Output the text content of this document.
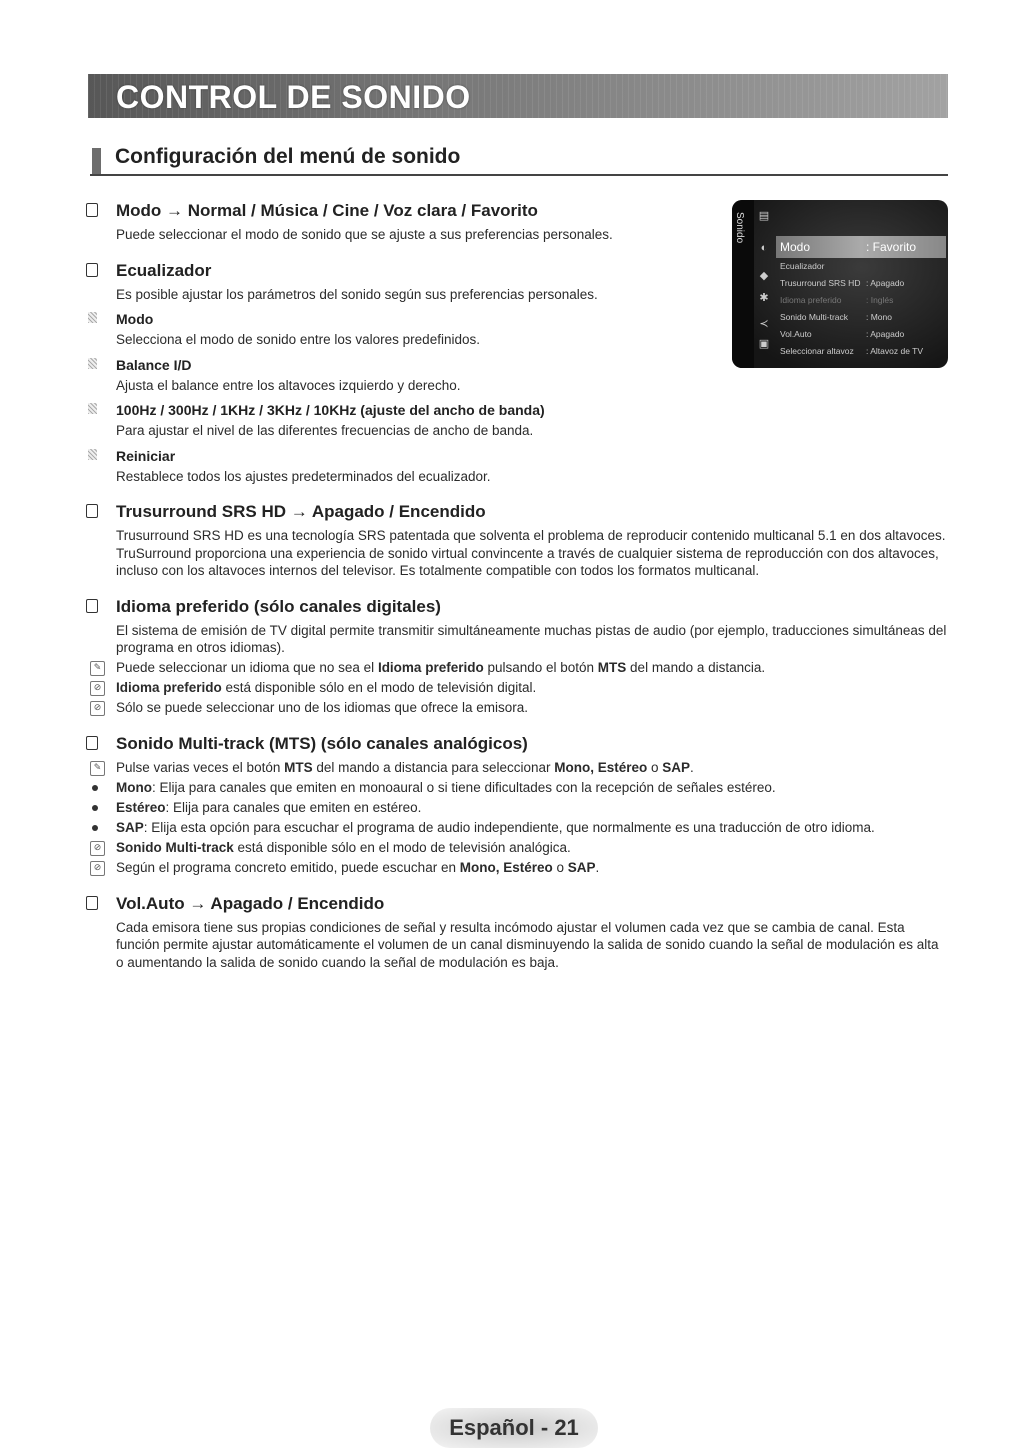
CONTROL DE SONIDO
Configuración del menú de sonido
Sonido ▤
◐
◆
✱
≺
▣
Modo	: Favorito
Ecualizador
Trusurround SRS HD : Apagado
Idioma preferido	: Inglés
Sonido Multi-track : Mono
Vol.Auto	: Apagado
Seleccionar altavoz : Altavoz de TV
Modo → Normal / Música / Cine / Voz clara / Favorito
Puede seleccionar el modo de sonido que se ajuste a sus preferencias personales.
Ecualizador
Es posible ajustar los parámetros del sonido según sus preferencias personales.
Modo
Selecciona el modo de sonido entre los valores predefinidos.
Balance I/D
Ajusta el balance entre los altavoces izquierdo y derecho.
100Hz / 300Hz / 1KHz / 3KHz / 10KHz (ajuste del ancho de banda)
Para ajustar el nivel de las diferentes frecuencias de ancho de banda.
Reiniciar
Restablece todos los ajustes predeterminados del ecualizador.
Trusurround SRS HD → Apagado / Encendido
Trusurround SRS HD es una tecnología SRS patentada que solventa el problema de reproducir contenido multicanal 5.1 en dos altavoces. TruSurround proporciona una experiencia de sonido virtual convincente a través de cualquier sistema de reproducción con dos altavoces, incluso con los altavoces internos del televisor. Es totalmente compatible con todos los formatos multicanal.
Idioma preferido (sólo canales digitales)
El sistema de emisión de TV digital permite transmitir simultáneamente muchas pistas de audio (por ejemplo, traducciones simultáneas del programa en otros idiomas).
✎ Puede seleccionar un idioma que no sea el Idioma preferido pulsando el botón MTS del mando a distancia.
⊘ Idioma preferido está disponible sólo en el modo de televisión digital.
⊘ Sólo se puede seleccionar uno de los idiomas que ofrece la emisora.
Sonido Multi-track (MTS) (sólo canales analógicos)
✎ Pulse varias veces el botón MTS del mando a distancia para seleccionar Mono, Estéreo o SAP.
Mono: Elija para canales que emiten en monoaural o si tiene dificultades con la recepción de señales estéreo.
Estéreo: Elija para canales que emiten en estéreo.
SAP: Elija esta opción para escuchar el programa de audio independiente, que normalmente es una traducción de otro idioma.
⊘ Sonido Multi-track está disponible sólo en el modo de televisión analógica.
⊘ Según el programa concreto emitido, puede escuchar en Mono, Estéreo o SAP.
Vol.Auto → Apagado / Encendido
Cada emisora tiene sus propias condiciones de señal y resulta incómodo ajustar el volumen cada vez que se cambia de canal. Esta función permite ajustar automáticamente el volumen de un canal disminuyendo la salida de sonido cuando la señal de modulación es alta o aumentando la salida de sonido cuando la señal de modulación es baja.
Español - 21
